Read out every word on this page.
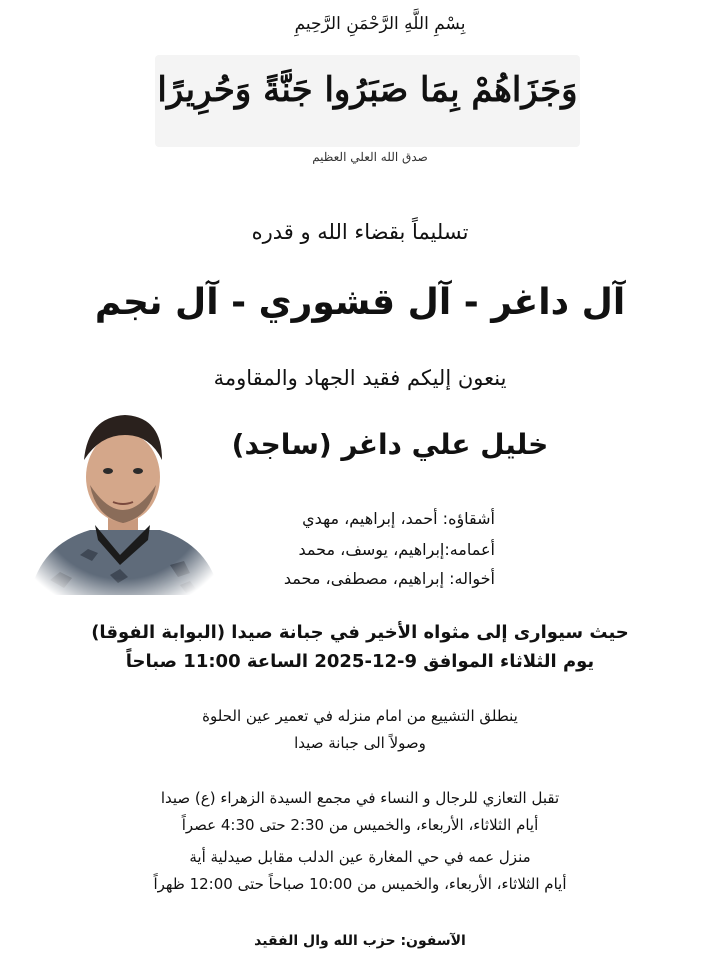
بِسْمِ اللَّهِ الرَّحْمَنِ الرَّحِيمِ
وَجَزَاهُمْ بِمَا صَبَرُوا جَنَّةً وَحُرِيرًا
صدق الله العلي العظيم
تسليماً بقضاء الله و قدره
آل داغر - آل قشوري - آل نجم
ينعون إليكم فقيد الجهاد والمقاومة
خليل علي داغر (ساجد)
أشقاؤه: أحمد، إبراهيم، مهدي
أعمامه:إبراهيم، يوسف، محمد
أخواله: إبراهيم، مصطفى، محمد
حيث سيوارى إلى مثواه الأخير في جبانة صيدا (البوابة الفوقا)
يوم الثلاثاء الموافق 9-12-2025 الساعة 11:00 صباحاً
ينطلق التشييع من امام منزله في تعمير عين الحلوة
وصولاً الى جبانة صيدا
تقبل التعازي للرجال و النساء في مجمع السيدة الزهراء (ع) صيدا
أيام الثلاثاء، الأربعاء، والخميس من 2:30 حتى 4:30 عصراً
منزل عمه في حي المغارة عين الدلب مقابل صيدلية أية
أيام الثلاثاء، الأربعاء، والخميس من 10:00 صباحاً حتى 12:00 ظهراً
الآسفون: حزب الله وال الفقيد
